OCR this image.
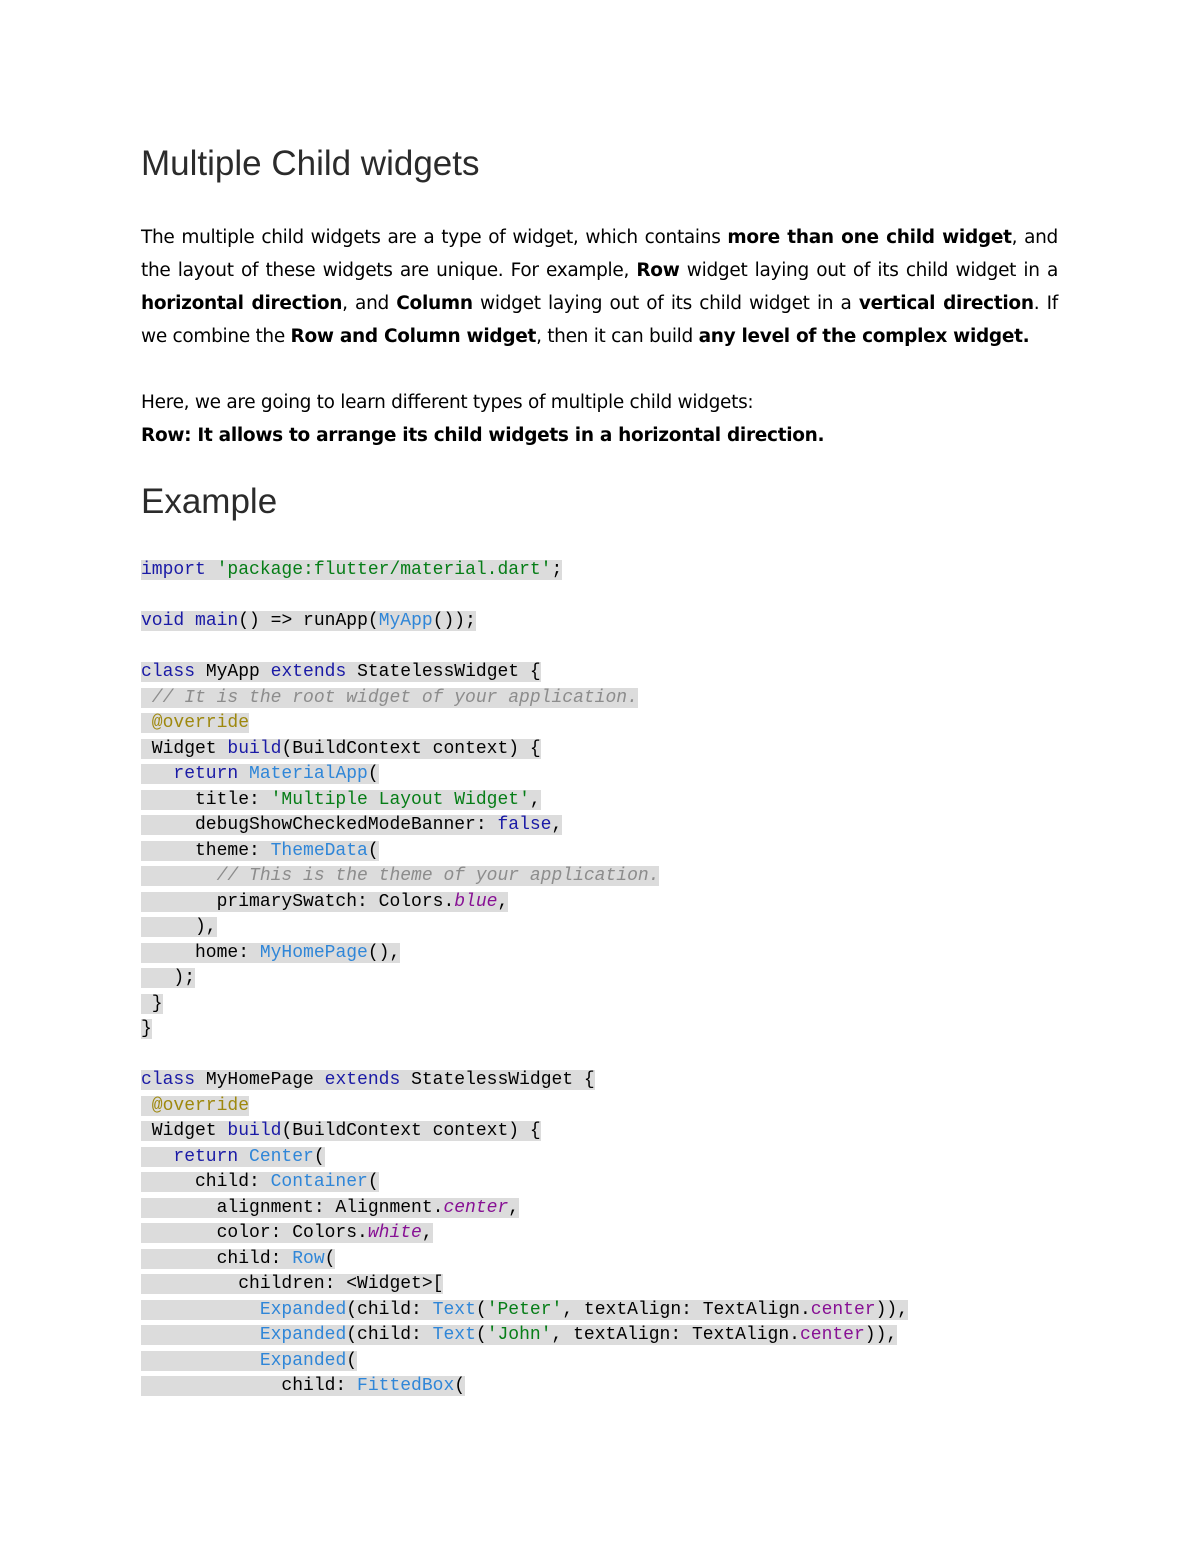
Multiple Child widgets

The multiple child widgets are a type of widget, which contains more than one child widget, and the layout of these widgets are unique. For example, Row widget laying out of its child widget in a horizontal direction, and Column widget laying out of its child widget in a vertical direction. If we combine the Row and Column widget, then it can build any level of the complex widget.

Here, we are going to learn different types of multiple child widgets:

Row: It allows to arrange its child widgets in a horizontal direction.

Example
import 'package:flutter/material.dart';
void main() => runApp(MyApp());
class MyApp extends StatelessWidget {
// It is the root widget of your application.
@override
Widget build(BuildContext context) {
return MaterialApp(
title: 'Multiple Layout Widget',
debugShowCheckedModeBanner: false,
theme: ThemeData(
// This is the theme of your application.
primarySwatch: Colors.blue,
),
home: MyHomePage(),
);
}
}
class MyHomePage extends StatelessWidget {
@override
Widget build(BuildContext context) {
return Center(
child: Container(
alignment: Alignment.center,
color: Colors.white,
child: Row(
children: <Widget>[
Expanded(child: Text('Peter', textAlign: TextAlign.center)),
Expanded(child: Text('John', textAlign: TextAlign.center)),
Expanded(
child: FittedBox(
